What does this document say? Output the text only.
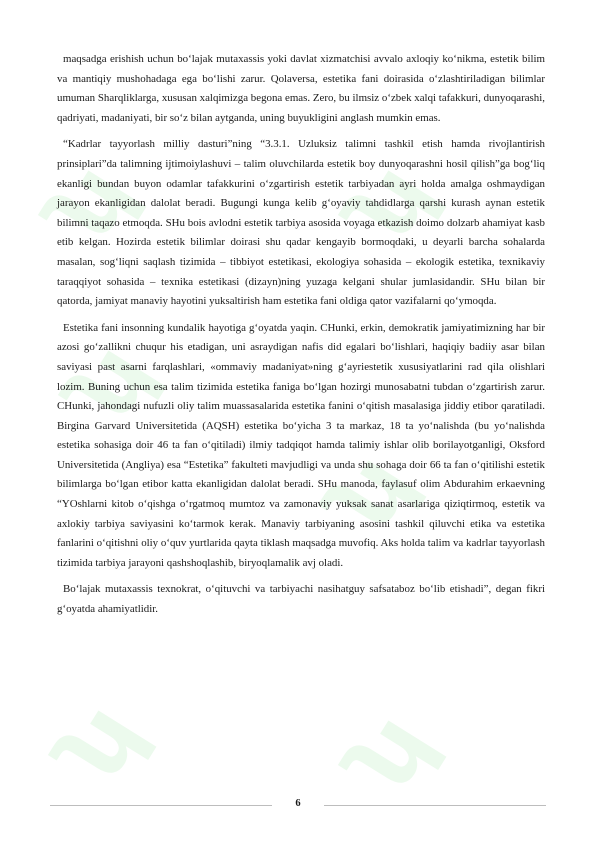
ʮ ʮ
ʮ
ʮ
ʮ ʮ

maqsadga erishish uchun boʻlajak mutaxassis yoki davlat xizmatchisi avvalo axloqiy koʻnikma, estetik bilim va mantiqiy mushohadaga ega boʻlishi zarur. Qolaversa, estetika fani doirasida oʻzlashtiriladigan bilimlar umuman Sharqliklarga, xususan xalqimizga begona emas. Zero, bu ilmsiz oʻzbek xalqi tafakkuri, dunyoqarashi, qadriyati, madaniyati, bir soʻz bilan aytganda, uning buyukligini anglash mumkin emas.

“Kadrlar tayyorlash milliy dasturi”ning “3.3.1. Uzluksiz talimni tashkil etish hamda rivojlantirish prinsiplari”da talimning ijtimoiylashuvi – talim oluvchilarda estetik boy dunyoqarashni hosil qilish”ga bogʻliq ekanligi bundan buyon odamlar tafakkurini oʻzgartirish estetik tarbiyadan ayri holda amalga oshmaydigan jarayon ekanligidan dalolat beradi. Bugungi kunga kelib gʻoyaviy tahdidlarga qarshi kurash aynan estetik bilimni taqazo etmoqda. SHu bois avlodni estetik tarbiya asosida voyaga etkazish doimo dolzarb ahamiyat kasb etib kelgan. Hozirda estetik bilimlar doirasi shu qadar kengayib bormoqdaki, u deyarli barcha sohalarda masalan, sogʻliqni saqlash tizimida – tibbiyot estetikasi, ekologiya sohasida – ekologik estetika, texnikaviy taraqqiyot sohasida – texnika estetikasi (dizayn)ning yuzaga kelgani shular jumlasidandir. SHu bilan bir qatorda, jamiyat manaviy hayotini yuksaltirish ham estetika fani oldiga qator vazifalarni qoʻymoqda.

Estetika fani insonning kundalik hayotiga gʻoyatda yaqin. CHunki, erkin, demokratik jamiyatimizning har bir azosi goʻzallikni chuqur his etadigan, uni asraydigan nafis did egalari boʻlishlari, haqiqiy badiiy asar bilan saviyasi past asarni farqlashlari, «ommaviy madaniyat»ning gʻayriestetik xususiyatlarini rad qila olishlari lozim. Buning uchun esa talim tizimida estetika faniga boʻlgan hozirgi munosabatni tubdan oʻzgartirish zarur. CHunki, jahondagi nufuzli oliy talim muassasalarida estetika fanini oʻqitish masalasiga jiddiy etibor qaratiladi. Birgina Garvard Universitetida (AQSH) estetika boʻyicha 3 ta markaz, 18 ta yoʻnalishda (bu yoʻnalishda estetika sohasiga doir 46 ta fan oʻqitiladi) ilmiy tadqiqot hamda talimiy ishlar olib borilayotganligi, Oksford Universitetida (Angliya) esa “Estetika” fakulteti mavjudligi va unda shu sohaga doir 66 ta fan oʻqitilishi estetik bilimlarga boʻlgan etibor katta ekanligidan dalolat beradi. SHu manoda, faylasuf olim Abdurahim erkaevning “YOshlarni kitob oʻqishga oʻrgatmoq mumtoz va zamonaviy yuksak sanat asarlariga qiziqtirmoq, estetik va axlokiy tarbiya saviyasini koʻtarmok kerak. Manaviy tarbiyaning asosini tashkil qiluvchi etika va estetika fanlarini oʻqitishni oliy oʻquv yurtlarida qayta tiklash maqsadga muvofiq. Aks holda talim va kadrlar tayyorlash tizimida tarbiya jarayoni qashshoqlashib, biryoqlamalik avj oladi.

Boʻlajak mutaxassis texnokrat, oʻqituvchi va tarbiyachi nasihatguy safsataboz boʻlib etishadi”, degan fikri gʻoyatda ahamiyatlidir.

6
